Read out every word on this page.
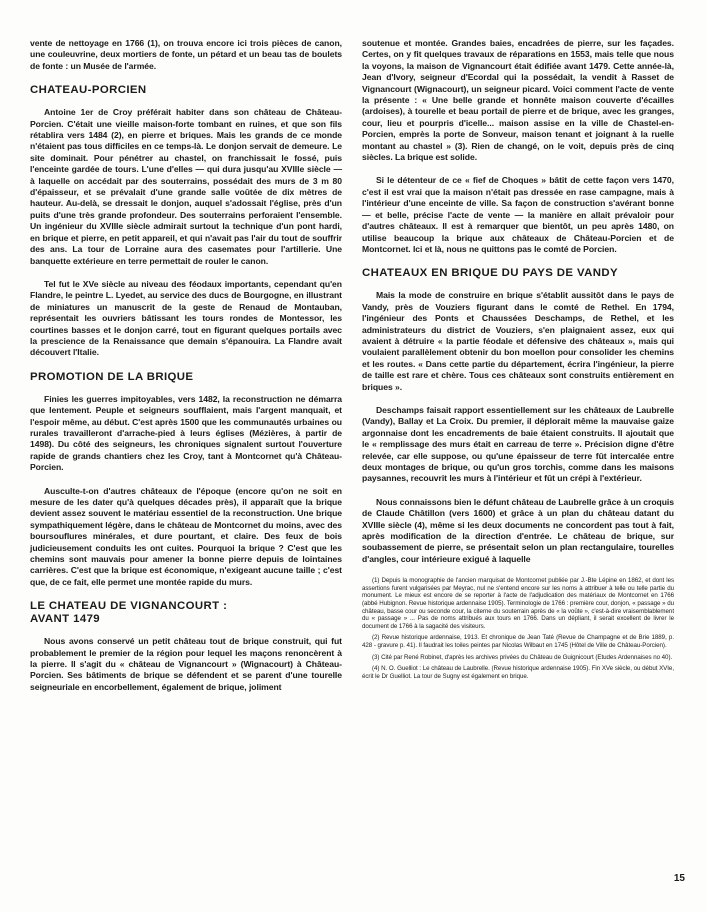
vente de nettoyage en 1766 (1), on trouva encore ici trois pièces de canon, une couleuvrine, deux mortiers de fonte, un pétard et un beau tas de boulets de fonte : un Musée de l'armée.

CHATEAU-PORCIEN

Antoine 1er de Croy préférait habiter dans son château de Château-Porcien. C'était une vieille maison-forte tombant en ruines, et que son fils rétablira vers 1484 (2), en pierre et briques. Mais les grands de ce monde n'étaient pas tous difficiles en ce temps-là. Le donjon servait de demeure. Le site dominait. Pour pénétrer au chastel, on franchissait le fossé, puis l'enceinte gardée de tours. L'une d'elles — qui dura jusqu'au XVIIIe siècle — à laquelle on accédait par des souterrains, possédait des murs de 3 m 80 d'épaisseur, et se prévalait d'une grande salle voûtée de dix mètres de hauteur. Au-delà, se dressait le donjon, auquel s'adossait l'église, près d'un puits d'une très grande profondeur. Des souterrains perforaient l'ensemble. Un ingénieur du XVIIIe siècle admirait surtout la technique d'un pont hardi, en brique et pierre, en petit appareil, et qui n'avait pas l'air du tout de souffrir des ans. La tour de Lorraine aura des casemates pour l'artillerie. Une banquette extérieure en terre permettait de rouler le canon.

Tel fut le XVe siècle au niveau des féodaux importants, cependant qu'en Flandre, le peintre L. Lyedet, au service des ducs de Bourgogne, en illustrant de miniatures un manuscrit de la geste de Renaud de Montauban, représentait les ouvriers bâtissant les tours rondes de Montessor, les courtines basses et le donjon carré, tout en figurant quelques portails avec la prescience de la Renaissance que demain s'épanouira. La Flandre avait découvert l'Italie.

PROMOTION DE LA BRIQUE

Finies les guerres impitoyables, vers 1482, la reconstruction ne démarra que lentement. Peuple et seigneurs soufflaient, mais l'argent manquait, et l'espoir même, au début. C'est après 1500 que les communautés urbaines ou rurales travailleront d'arrache-pied à leurs églises (Mézières, à partir de 1498). Du côté des seigneurs, les chroniques signalent surtout l'ouverture rapide de grands chantiers chez les Croy, tant à Montcornet qu'à Château-Porcien.

Ausculte-t-on d'autres châteaux de l'époque (encore qu'on ne soit en mesure de les dater qu'à quelques décades près), il apparaît que la brique devient assez souvent le matériau essentiel de la reconstruction. Une brique sympathiquement légère, dans le château de Montcornet du moins, avec des boursouflures minérales, et dure pourtant, et claire. Des feux de bois judicieusement conduits les ont cuites. Pourquoi la brique ? C'est que les chemins sont mauvais pour amener la bonne pierre depuis de lointaines carrières. C'est que la brique est économique, n'exigeant aucune taille ; c'est que, de ce fait, elle permet une montée rapide du murs.

LE CHATEAU DE VIGNANCOURT :
AVANT 1479

Nous avons conservé un petit château tout de brique construit, qui fut probablement le premier de la région pour lequel les maçons renoncèrent à la pierre. Il s'agit du « château de Vignancourt » (Wignacourt) à Château-Porcien. Ses bâtiments de brique se défendent et se parent d'une tourelle seigneuriale en encorbellement, également de brique, joliment

soutenue et montée. Grandes baies, encadrées de pierre, sur les façades. Certes, on y fit quelques travaux de réparations en 1553, mais telle que nous la voyons, la maison de Vignancourt était édifiée avant 1479. Cette année-là, Jean d'Ivory, seigneur d'Ecordal qui la possédait, la vendit à Rasset de Vignancourt (Wignacourt), un seigneur picard. Voici comment l'acte de vente la présente : « Une belle grande et honnête maison couverte d'écailles (ardoises), à tourelle et beau portail de pierre et de brique, avec les granges, cour, lieu et pourpris d'icelle... maison assise en la ville de Chastel-en-Porcien, emprès la porte de Sonveur, maison tenant et joignant à la ruelle montant au chastel » (3). Rien de changé, on le voit, depuis près de cinq siècles. La brique est solide.

Si le détenteur de ce « fief de Choques » bâtit de cette façon vers 1470, c'est il est vrai que la maison n'était pas dressée en rase campagne, mais à l'intérieur d'une enceinte de ville. Sa façon de construction s'avérant bonne — et belle, précise l'acte de vente — la manière en allait prévaloir pour d'autres châteaux. Il est à remarquer que bientôt, un peu après 1480, on utilise beaucoup la brique aux châteaux de Château-Porcien et de Montcornet. Ici et là, nous ne quittons pas le comté de Porcien.

CHATEAUX EN BRIQUE DU PAYS DE VANDY

Mais la mode de construire en brique s'établit aussitôt dans le pays de Vandy, près de Vouziers figurant dans le comté de Rethel. En 1794, l'ingénieur des Ponts et Chaussées Deschamps, de Rethel, et les administrateurs du district de Vouziers, s'en plaignaient assez, eux qui avaient à détruire « la partie féodale et défensive des châteaux », mais qui voulaient parallèlement obtenir du bon moellon pour consolider les chemins et les routes. « Dans cette partie du département, écrira l'ingénieur, la pierre de taille est rare et chère. Tous ces châteaux sont construits entièrement en briques ».

Deschamps faisait rapport essentiellement sur les châteaux de Laubrelle (Vandy), Ballay et La Croix. Du premier, il déplorait même la mauvaise gaize argonnaise dont les encadrements de baie étaient construits. Il ajoutait que le « remplissage des murs était en carreau de terre ». Précision digne d'être relevée, car elle suppose, ou qu'une épaisseur de terre fût intercalée entre deux montages de brique, ou qu'un gros torchis, comme dans les maisons paysannes, recouvrit les murs à l'intérieur et fût un crépi à l'extérieur.

Nous connaissons bien le défunt château de Laubrelle grâce à un croquis de Claude Châtillon (vers 1600) et grâce à un plan du château datant du XVIIIe siècle (4), même si les deux documents ne concordent pas tout à fait, après modification de la direction d'entrée. Le château de brique, sur soubassement de pierre, se présentait selon un plan rectangulaire, tourelles d'angles, cour intérieure exigué à laquelle

(1) Depuis la monographie de l'ancien marquisat de Montcornet publiée par J.-Bte Lépine en 1862, et dont les assertions furent vulgarisées par Meyrac, nul ne s'entend encore sur les noms à attribuer à telle ou telle partie du monument. Le mieux est encore de se reporter à l'acte de l'adjudication des matériaux de Montcornet en 1766 (abbé Hubignon. Revue historique ardennaise 1905). Terminologie de 1766 : première cour, donjon, « passage » du château, basse cour ou seconde cour, la citerne du souterrain après de « la voûte », c'est-à-dire vraisemblablement du « passage » ... Pas de noms attribués aux tours en 1766. Dans un dépliant, il serait excellent de livrer le document de 1766 à la sagacité des visiteurs.

(2) Revue historique ardennaise, 1913. Et chronique de Jean Taté (Revue de Champagne et de Brie 1889, p. 428 - gravure p. 41). Il faudrait les toiles peintes par Nicolas Wilbaut en 1745 (Hôtel de Ville de Château-Porcien).

(3) Cité par René Robinet, d'après les archives privées du Château de Guignicourt (Etudes Ardennaises no 40).

(4) N. O. Guelliot : Le château de Laubrelle. (Revue historique ardennaise 1905). Fin XVe siècle, ou début XVIe, écrit le Dr Guelliot. La tour de Sugny est également en brique.

15
